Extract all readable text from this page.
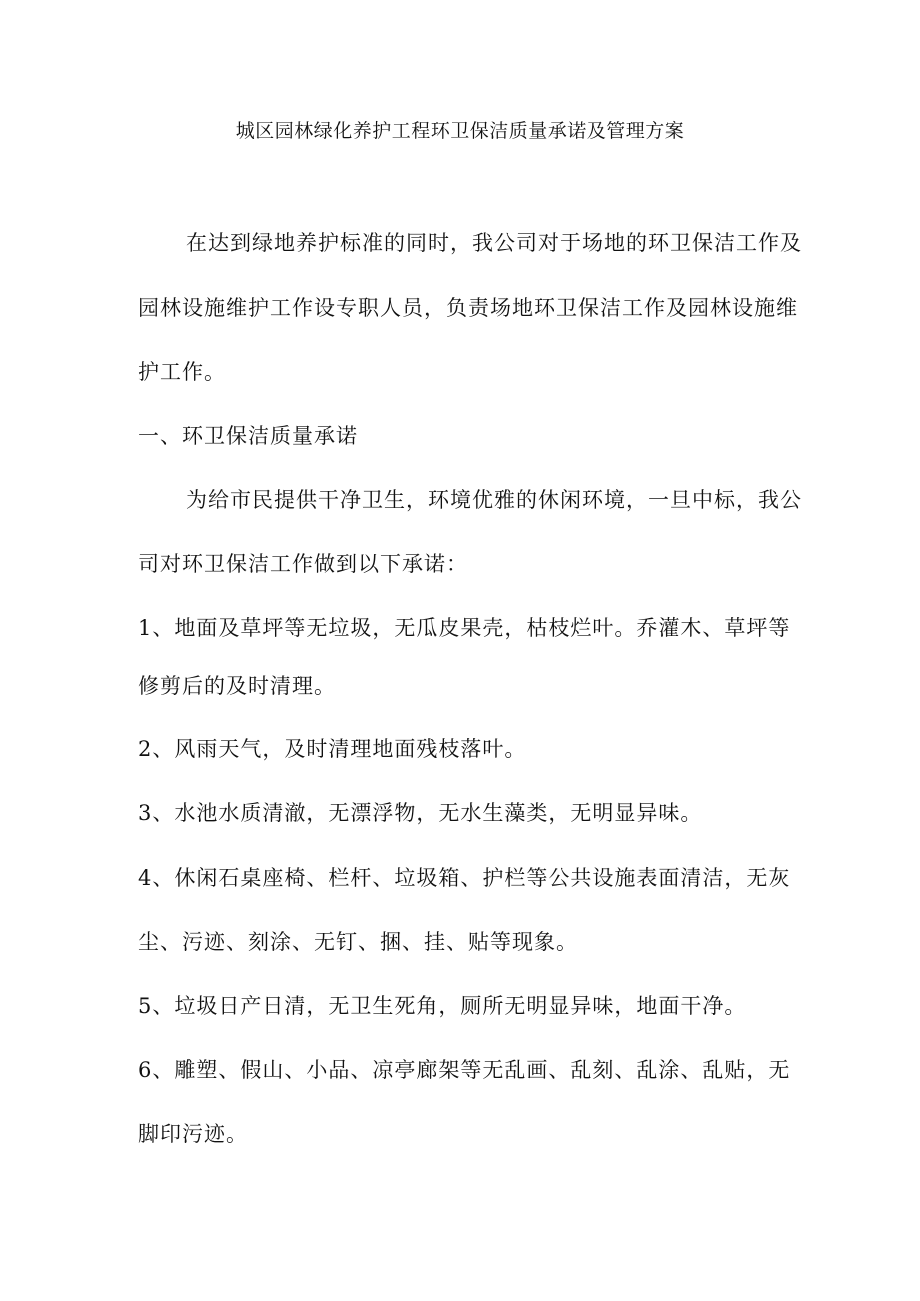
城区园林绿化养护工程环卫保洁质量承诺及管理方案
在达到绿地养护标准的同时，我公司对于场地的环卫保洁工作及
园林设施维护工作设专职人员，负责场地环卫保洁工作及园林设施维
护工作。
一、环卫保洁质量承诺
为给市民提供干净卫生，环境优雅的休闲环境，一旦中标，我公
司对环卫保洁工作做到以下承诺：
1、地面及草坪等无垃圾，无瓜皮果壳，枯枝烂叶。乔灌木、草坪等
修剪后的及时清理。
2、风雨天气，及时清理地面残枝落叶。
3、水池水质清澈，无漂浮物，无水生藻类，无明显异味。
4、休闲石桌座椅、栏杆、垃圾箱、护栏等公共设施表面清洁，无灰
尘、污迹、刻涂、无钉、捆、挂、贴等现象。
5、垃圾日产日清，无卫生死角，厕所无明显异味，地面干净。
6、雕塑、假山、小品、凉亭廊架等无乱画、乱刻、乱涂、乱贴，无
脚印污迹。
